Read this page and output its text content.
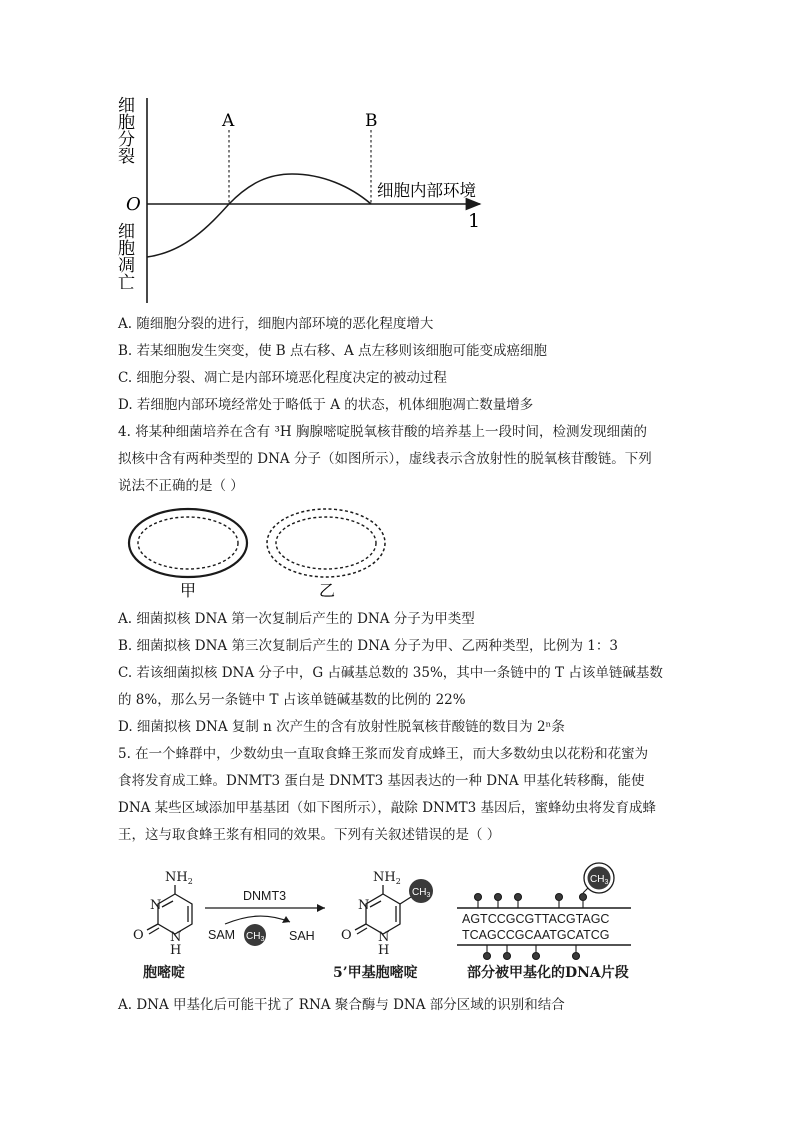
细胞分裂
细胞凋亡
O
A	B
细胞内部环境
1
A. 随细胞分裂的进行，细胞内部环境的恶化程度增大
B. 若某细胞发生突变，使 B 点右移、A 点左移则该细胞可能变成癌细胞
C. 细胞分裂、凋亡是内部环境恶化程度决定的被动过程
D. 若细胞内部环境经常处于略低于 A 的状态，机体细胞凋亡数量增多
4. 将某种细菌培养在含有 ³H 胸腺嘧啶脱氧核苷酸的培养基上一段时间，检测发现细菌的
拟核中含有两种类型的 DNA 分子（如图所示），虚线表示含放射性的脱氧核苷酸链。下列
说法不正确的是（ ）
甲	乙
A. 细菌拟核 DNA 第一次复制后产生的 DNA 分子为甲类型
B. 细菌拟核 DNA 第三次复制后产生的 DNA 分子为甲、乙两种类型，比例为 1：3
C. 若该细菌拟核 DNA 分子中，G 占碱基总数的 35%，其中一条链中的 T 占该单链碱基数
的 8%，那么另一条链中 T 占该单链碱基数的比例的 22%
D. 细菌拟核 DNA 复制 n 次产生的含有放射性脱氧核苷酸链的数目为 2ⁿ条
5. 在一个蜂群中，少数幼虫一直取食蜂王浆而发育成蜂王，而大多数幼虫以花粉和花蜜为
食将发育成工蜂。DNMT3 蛋白是 DNMT3 基因表达的一种 DNA 甲基化转移酶，能使
DNA 某些区域添加甲基基团（如下图所示），敲除 DNMT3 基因后，蜜蜂幼虫将发育成蜂
王，这与取食蜂王浆有相同的效果。下列有关叙述错误的是（ ）
$NH_2$
N
O N
H
DNMT3
SAM $CH_3$ SAH
$NH_2$
N
O N
H
$CH_3$
AGTCCGCGTTACGTAGC
TCAGCCGCAATGCATCG
$CH_3$
胞嘧啶	5’甲基胞嘧啶	部分被甲基化的DNA片段
A. DNA 甲基化后可能干扰了 RNA 聚合酶与 DNA 部分区域的识别和结合
